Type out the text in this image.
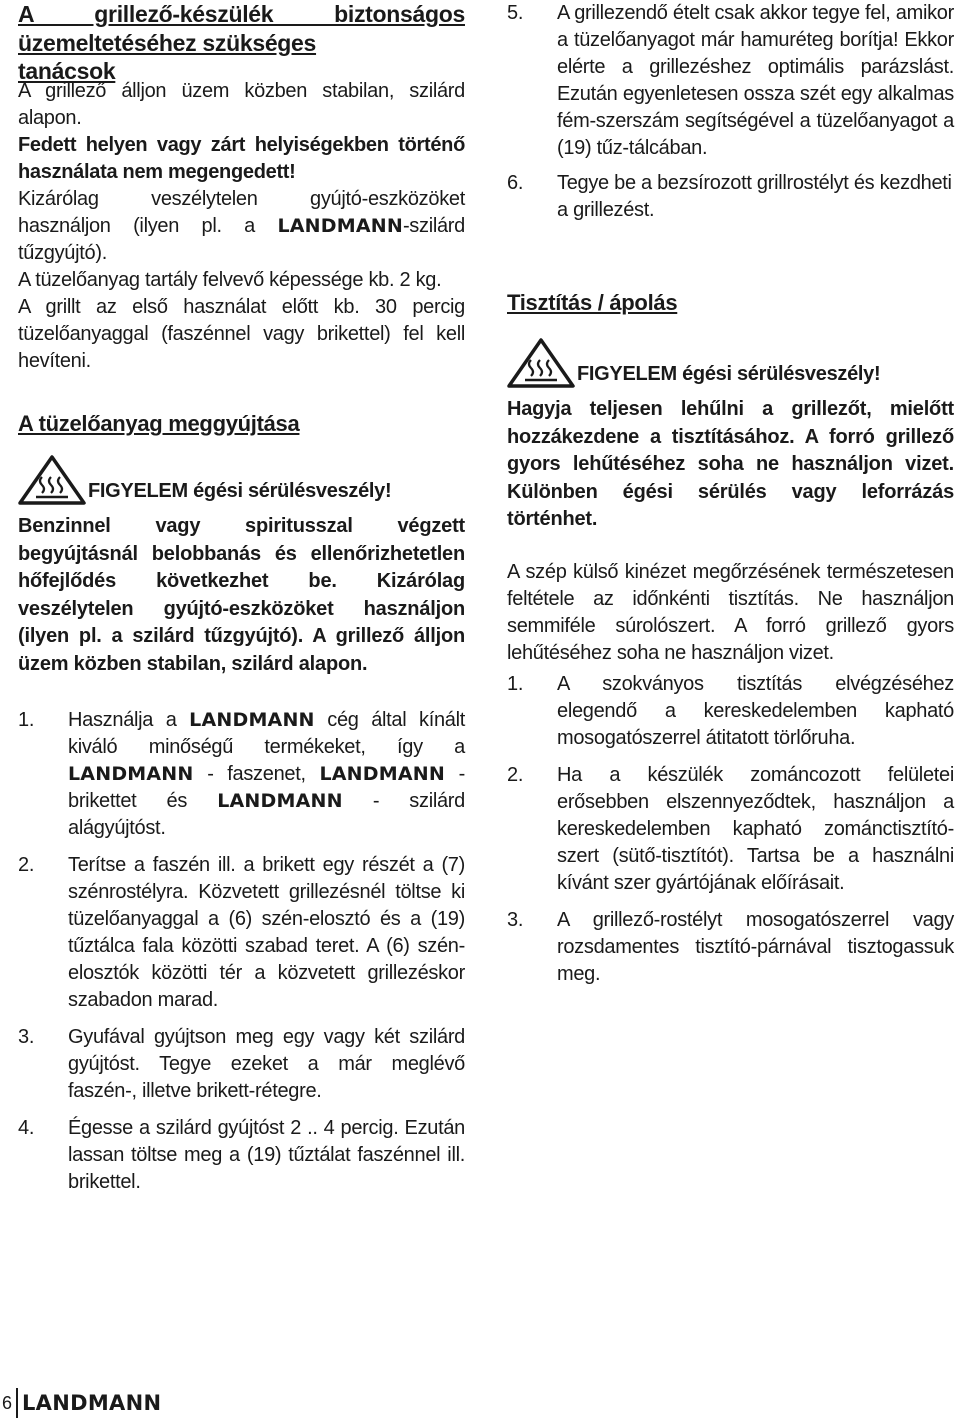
A grillező-készülék biztonságos
üzemeltetéséhez szükséges tanácsok

A grillező álljon üzem közben stabilan, szilárd alapon.

Fedett helyen vagy zárt helyiségekben történő használata nem megengedett!

Kizárólag veszélytelen gyújtó-eszközöket használjon (ilyen pl. a LANDMANN-szilárd tűzgyújtó).

A tüzelőanyag tartály felvevő képessége kb. 2 kg.

A grillt az első használat előtt kb. 30 percig tüzelőanyaggal (faszénnel vagy brikettel) fel kell hevíteni.

A tüzelőanyag meggyújtása
FIGYELEM égési sérülésveszély!

Benzinnel vagy spiritusszal végzett begyújtásnál belobbanás és ellenőrizhetetlen hőfejlődés következhet be. Kizárólag veszélytelen gyújtó-eszközöket használjon (ilyen pl. a szilárd tűzgyújtó). A grillező álljon üzem közben stabilan, szilárd alapon.

1.	Használja a LANDMANN cég által kínált kiváló minőségű termékeket, így a LANDMANN - faszenet, LANDMANN - brikettet és LANDMANN - szilárd alágyújtóst.
2.	Terítse a faszén ill. a brikett egy részét a (7) szénrostélyra. Közvetett grillezésnél töltse ki tüzelőanyaggal a (6) szén-elosztó és a (19) tűztálca fala közötti szabad teret. A (6) szén-elosztók közötti tér a közvetett grillezéskor szabadon marad.
3.	Gyufával gyújtson meg egy vagy két szilárd gyújtóst. Tegye ezeket a már meglévő faszén-, illetve brikett-rétegre.
4.	Égesse a szilárd gyújtóst 2 .. 4 percig. Ezután lassan töltse meg a (19) tűztálat faszénnel ill. brikettel.
5.	A grillezendő ételt csak akkor tegye fel, amikor a tüzelőanyagot már hamuréteg borítja! Ekkor elérte a grillezéshez optimális parázslást. Ezután egyenletesen ossza szét egy alkalmas fém-szerszám segítségével a tüzelőanyagot a (19) tűz-tálcában.
6.	Tegye be a bezsírozott grillrostélyt és kezdheti a grillezést.
Tisztítás / ápolás
FIGYELEM égési sérülésveszély!

Hagyja teljesen lehűlni a grillezőt, mielőtt hozzákezdene a tisztításához. A forró grillező gyors lehűtéséhez soha ne használjon vizet. Különben égési sérülés vagy leforrázás történhet.

A szép külső kinézet megőrzésének természetesen feltétele az időnkénti tisztítás. Ne használjon semmiféle súrolószert. A forró grillező gyors lehűtéséhez soha ne használjon vizet.

1.	A szokványos tisztítás elvégzéséhez elegendő a kereskedelemben kapható mosogatószerrel átitatott törlőruha.
2.	Ha a készülék zománcozott felületei erősebben elszennyeződtek, használjon a kereskedelemben kapható zománctisztító-szert (sütő-tisztítót). Tartsa be a használni kívánt szer gyártójának előírásait.
3.	A grillező-rostélyt mosogatószerrel vagy rozsdamentes tisztító-párnával tisztogassuk meg.
6 LANDMANN
